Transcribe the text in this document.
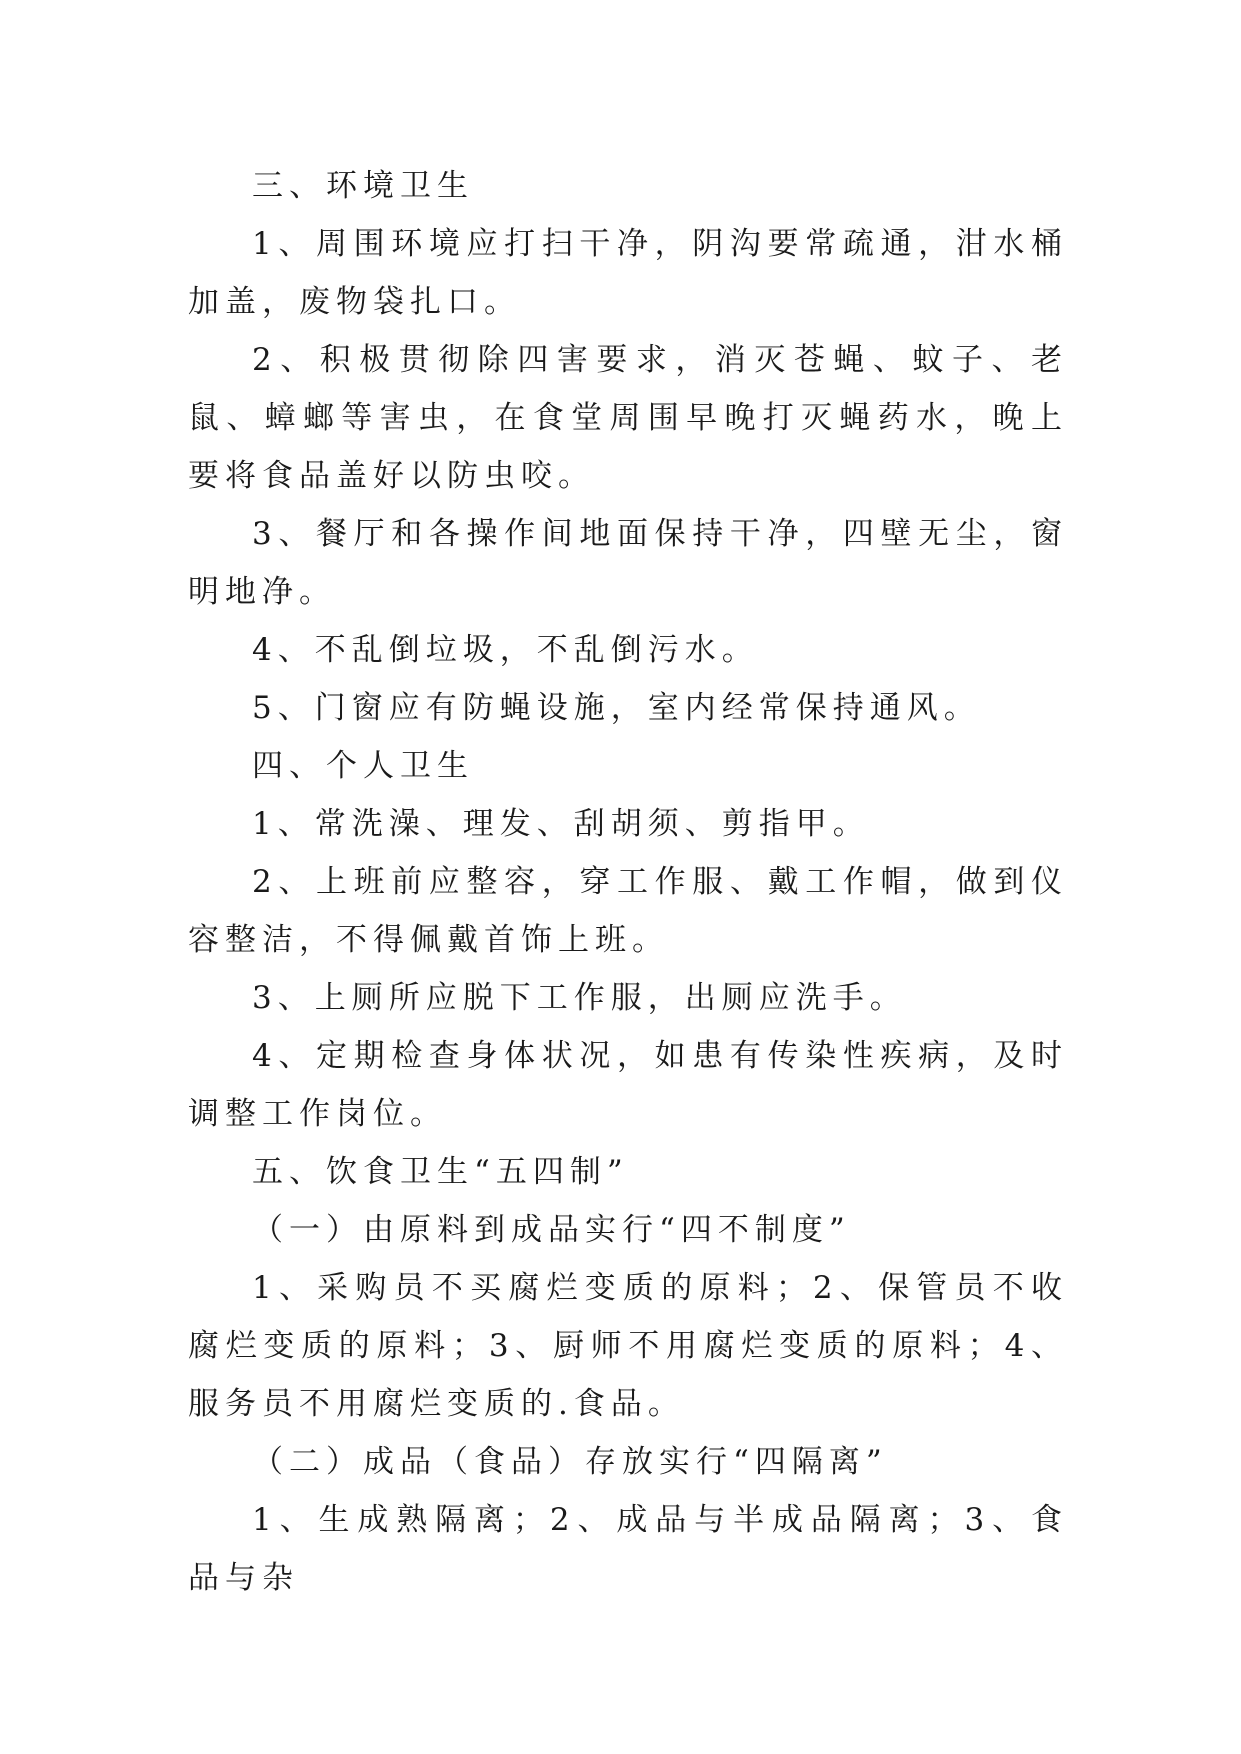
三、环境卫生

1、周围环境应打扫干净，阴沟要常疏通，泔水桶加盖，废物袋扎口。

2、积极贯彻除四害要求，消灭苍蝇、蚊子、老鼠、蟑螂等害虫，在食堂周围早晚打灭蝇药水，晚上要将食品盖好以防虫咬。

3、餐厅和各操作间地面保持干净，四壁无尘，窗明地净。

4、不乱倒垃圾，不乱倒污水。

5、门窗应有防蝇设施，室内经常保持通风。

四、个人卫生

1、常洗澡、理发、刮胡须、剪指甲。

2、上班前应整容，穿工作服、戴工作帽，做到仪容整洁，不得佩戴首饰上班。

3、上厕所应脱下工作服，出厕应洗手。

4、定期检查身体状况，如患有传染性疾病，及时调整工作岗位。

五、饮食卫生“五四制”

（一）由原料到成品实行“四不制度”

1、采购员不买腐烂变质的原料；2、保管员不收腐烂变质的原料；3、厨师不用腐烂变质的原料；4、服务员不用腐烂变质的.食品。

（二）成品（食品）存放实行“四隔离”

1、生成熟隔离；2、成品与半成品隔离；3、食品与杂
